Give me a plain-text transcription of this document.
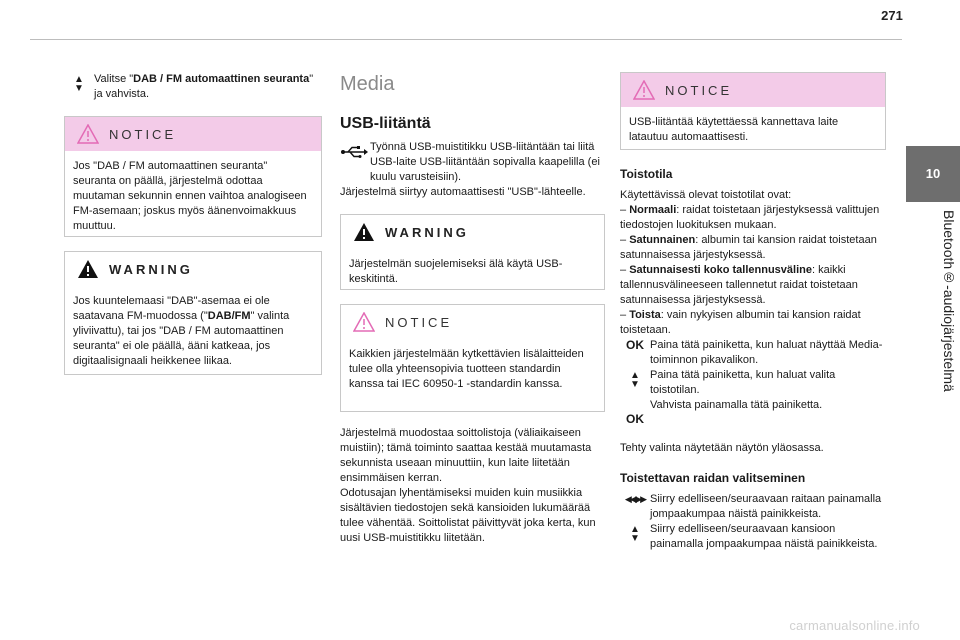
271
10
Bluetooth®-audiojärjestelmä
▲
▼

Valitse "DAB / FM automaattinen seuranta" ja vahvista.

NOTICE

Jos "DAB / FM automaattinen seuranta" seuranta on päällä, järjestelmä odottaa muutaman sekunnin ennen vaihtoa analogiseen FM-asemaan; joskus myös äänenvoimakkuus muuttuu.

WARNING

Jos kuuntelemaasi "DAB"-asemaa ei ole saatavana FM-muodossa ("DAB/FM" valinta yliviivattu), tai jos "DAB / FM automaattinen seuranta" ei ole päällä, ääni katkeaa, jos digitaalisignaali heikkenee liikaa.

Media
USB-liitäntä

Työnnä USB-muistitikku USB-liitäntään tai liitä USB-laite USB-liitäntään sopivalla kaapelilla (ei kuulu varusteisiin).

Järjestelmä siirtyy automaattisesti "USB"-lähteelle.

WARNING

Järjestelmän suojelemiseksi älä käytä USB-keskitintä.

NOTICE

Kaikkien järjestelmään kytkettävien lisälaitteiden tulee olla yhteensopivia tuotteen standardin kanssa tai IEC 60950-1 -standardin kanssa.

Järjestelmä muodostaa soittolistoja (väliaikaiseen muistiin); tämä toiminto saattaa kestää muutamasta sekunnista useaan minuuttiin, kun laite liitetään ensimmäisen kerran.

Odotusajan lyhentämiseksi muiden kuin musiikkia sisältävien tiedostojen sekä kansioiden lukumäärää tulee vähentää. Soittolistat päivittyvät joka kerta, kun uusi USB-muistitikku liitetään.

NOTICE

USB-liitäntää käytettäessä kannettava laite latautuu automaattisesti.

Toistotila

Käytettävissä olevat toistotilat ovat:

– Normaali: raidat toistetaan järjestyksessä valittujen tiedostojen luokituksen mukaan.

– Satunnainen: albumin tai kansion raidat toistetaan satunnaisessa järjestyksessä.

– Satunnaisesti koko tallennusväline: kaikki tallennusvälineeseen tallennetut raidat toistetaan satunnaisessa järjestyksessä.

– Toista: vain nykyisen albumin tai kansion raidat toistetaan.

OK Paina tätä painiketta, kun haluat näyttää Media-toiminnon pikavalikon.

▲
▼

Paina tätä painiketta, kun haluat valita toistotilan.

OK

Vahvista painamalla tätä painiketta.

Tehty valinta näytetään näytön yläosassa.

Toistettavan raidan valitseminen
◀◀ ▶▶ Siirry edelliseen/seuraavaan raitaan painamalla jompaakumpaa näistä painikkeista.

▲
▼

Siirry edelliseen/seuraavaan kansioon painamalla jompaakumpaa näistä painikkeista.

carmanualsonline.info
